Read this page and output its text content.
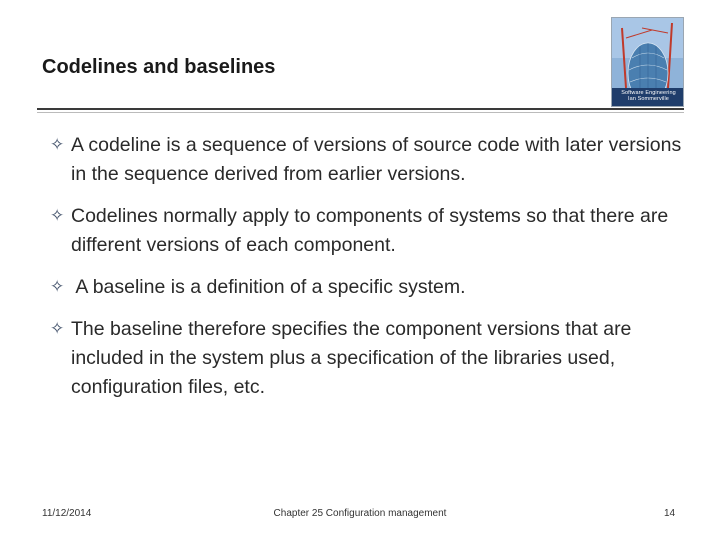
Codelines and baselines
Software Engineering
Ian Sommerville
✧ A codeline is a sequence of versions of source code with later versions in the sequence derived from earlier versions.
✧ Codelines normally apply to components of systems so that there are different versions of each component.
✧ A baseline is a definition of a specific system.
✧ The baseline therefore specifies the component versions that are included in the system plus a specification of the libraries used, configuration files, etc.
11/12/2014	Chapter 25 Configuration management	14
